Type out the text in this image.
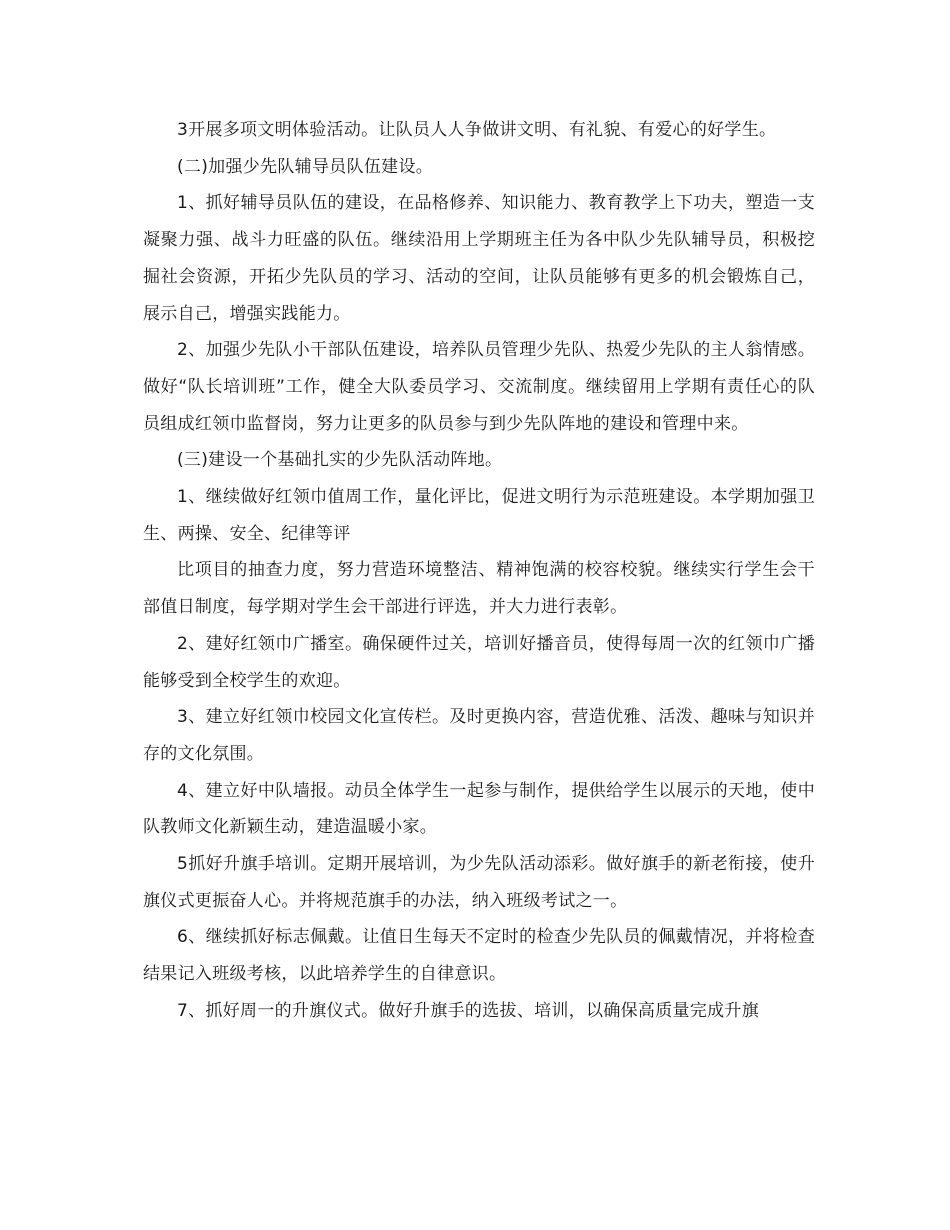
3开展多项文明体验活动。让队员人人争做讲文明、有礼貌、有爱心的好学生。

(二)加强少先队辅导员队伍建设。

1、抓好辅导员队伍的建设，在品格修养、知识能力、教育教学上下功夫，塑造一支凝聚力强、战斗力旺盛的队伍。继续沿用上学期班主任为各中队少先队辅导员，积极挖掘社会资源，开拓少先队员的学习、活动的空间，让队员能够有更多的机会锻炼自己，展示自己，增强实践能力。

2、加强少先队小干部队伍建设，培养队员管理少先队、热爱少先队的主人翁情感。做好“队长培训班”工作，健全大队委员学习、交流制度。继续留用上学期有责任心的队员组成红领巾监督岗，努力让更多的队员参与到少先队阵地的建设和管理中来。

(三)建设一个基础扎实的少先队活动阵地。

1、继续做好红领巾值周工作，量化评比，促进文明行为示范班建设。本学期加强卫生、两操、安全、纪律等评

比项目的抽查力度，努力营造环境整洁、精神饱满的校容校貌。继续实行学生会干部值日制度，每学期对学生会干部进行评选，并大力进行表彰。

2、建好红领巾广播室。确保硬件过关，培训好播音员，使得每周一次的红领巾广播能够受到全校学生的欢迎。

3、建立好红领巾校园文化宣传栏。及时更换内容，营造优雅、活泼、趣味与知识并存的文化氛围。

4、建立好中队墙报。动员全体学生一起参与制作，提供给学生以展示的天地，使中队教师文化新颖生动，建造温暖小家。

5抓好升旗手培训。定期开展培训，为少先队活动添彩。做好旗手的新老衔接，使升旗仪式更振奋人心。并将规范旗手的办法，纳入班级考试之一。

6、继续抓好标志佩戴。让值日生每天不定时的检查少先队员的佩戴情况，并将检查结果记入班级考核，以此培养学生的自律意识。

7、抓好周一的升旗仪式。做好升旗手的选拔、培训，以确保高质量完成升旗
